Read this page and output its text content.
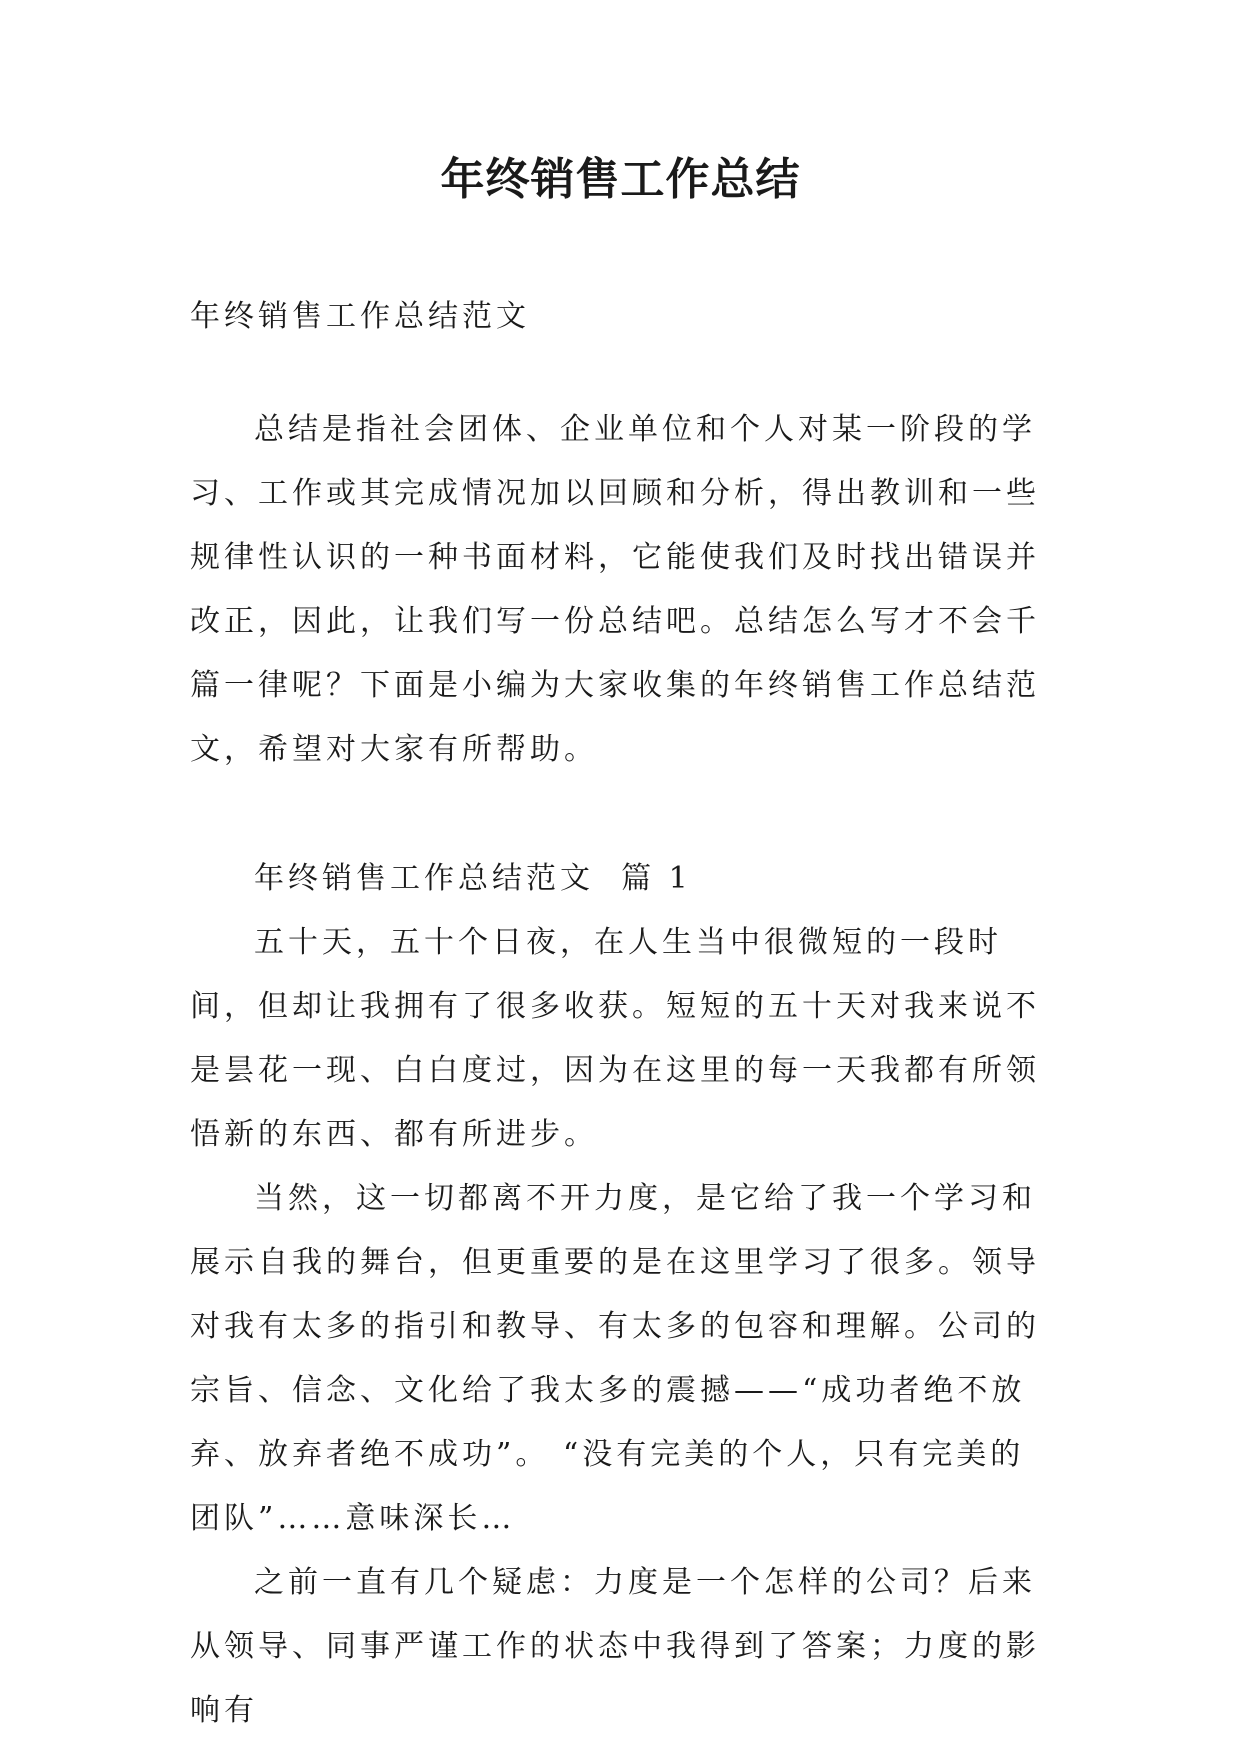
年终销售工作总结

年终销售工作总结范文

总结是指社会团体、企业单位和个人对某一阶段的学习、工作或其完成情况加以回顾和分析，得出教训和一些规律性认识的一种书面材料，它能使我们及时找出错误并改正，因此，让我们写一份总结吧。总结怎么写才不会千篇一律呢？下面是小编为大家收集的年终销售工作总结范文，希望对大家有所帮助。

年终销售工作总结范文  篇 1

五十天，五十个日夜，在人生当中很微短的一段时间，但却让我拥有了很多收获。短短的五十天对我来说不是昙花一现、白白度过，因为在这里的每一天我都有所领悟新的东西、都有所进步。

当然，这一切都离不开力度，是它给了我一个学习和展示自我的舞台，但更重要的是在这里学习了很多。领导对我有太多的指引和教导、有太多的包容和理解。公司的宗旨、信念、文化给了我太多的震撼——“成功者绝不放弃、放弃者绝不成功”。 “没有完美的个人，只有完美的团队”……意味深长…

之前一直有几个疑虑：力度是一个怎样的公司？后来从领导、同事严谨工作的状态中我得到了答案；力度的影响有
